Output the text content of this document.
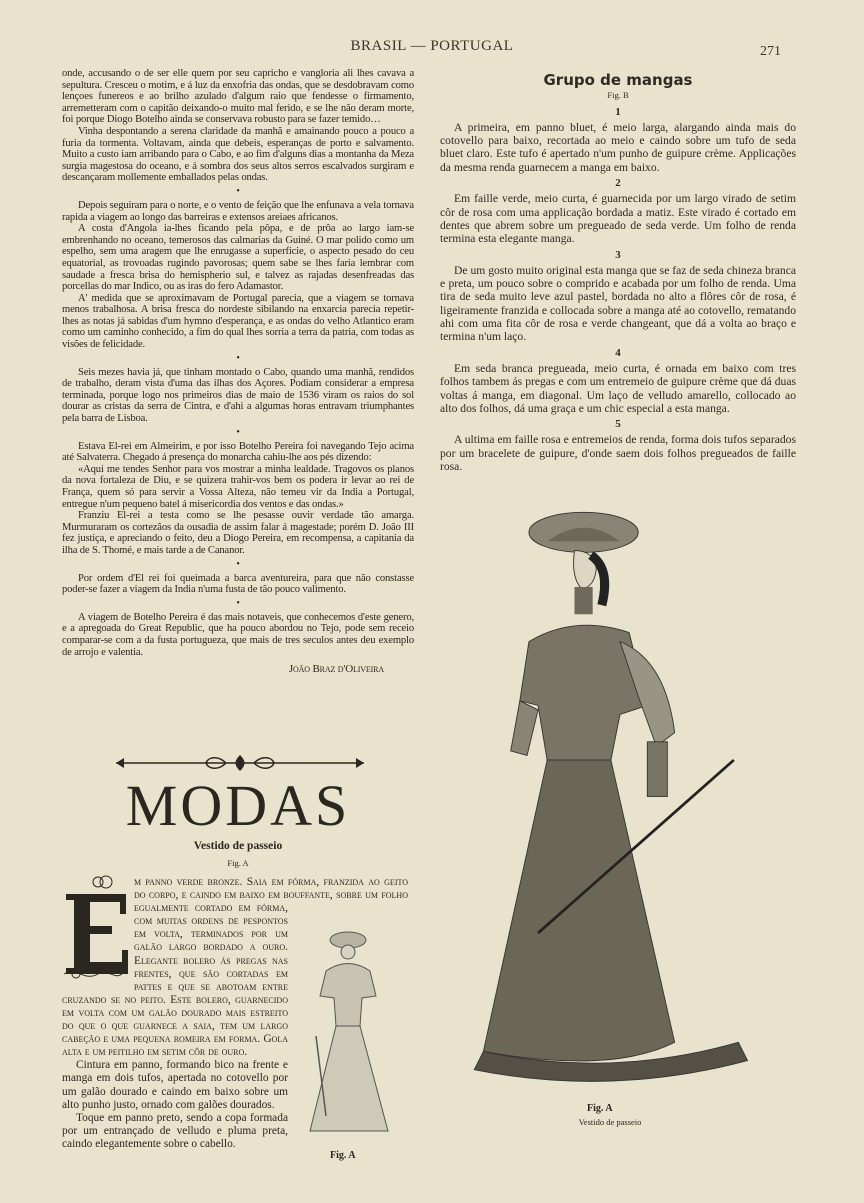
BRASIL — PORTUGAL	271

onde, accusando o de ser elle quem por seu capricho e vangloria ali lhes cavava a sepultura. Cresceu o motim, e á luz da enxofria das ondas, que se desdobravam como lençoes funereos e ao brilho azulado d'algum raio que fendesse o firmamento, arremetteram com o capitão deixando-o muito mal ferido, e se lhe não deram morte, foi porque Diogo Botelho ainda se conservava robusto para se fazer temido…

Vinha despontando a serena claridade da manhã e amainando pouco a pouco a furia da tormenta. Voltavam, ainda que debeis, esperanças de porto e salvamento. Muito a custo iam arribando para o Cabo, e ao fim d'alguns dias a montanha da Meza surgia magestosa do oceano, e á sombra dos seus altos serros escalvados surgiram e descançaram mollemente emballados pelas ondas.

•

Depois seguiram para o norte, e o vento de feição que lhe enfunava a vela tornava rapida a viagem ao longo das barreiras e extensos areiaes africanos.

A costa d'Angola ia-lhes ficando pela pôpa, e de prôa ao largo iam-se embrenhando no oceano, temerosos das calmarias da Guiné. O mar polido como um espelho, sem uma aragem que lhe enrugasse a superficie, o aspecto pesado do ceu equatorial, as trovoadas rugindo pavorosas; quem sabe se lhes faria lembrar com saudade a fresca brisa do hemispherio sul, e talvez as rajadas desenfreadas das porcellas do mar Indico, ou as iras do fero Adamastor.

A' medida que se aproximavam de Portugal parecia, que a viagem se tornava menos trabalhosa. A brisa fresca do nordeste sibilando na enxarcia parecia repetir-lhes as notas já sabidas d'um hymno d'esperança, e as ondas do velho Atlantico eram como um caminho conhecido, a fim do qual lhes sorria a terra da patria, com todas as visões de felicidade.

•

Seis mezes havia já, que tinham montado o Cabo, quando uma manhã, rendidos de trabalho, deram vista d'uma das ilhas dos Açores. Podiam considerar a empresa terminada, porque logo nos primeiros dias de maio de 1536 viram os raios do sol dourar as cristas da serra de Cintra, e d'ahi a algumas horas entravam triumphantes pela barra de Lisboa.

•

Estava El-rei em Almeirim, e por isso Botelho Pereira foi navegando Tejo acima até Salvaterra. Chegado á presença do monarcha cahiu-lhe aos pés dizendo:

«Aqui me tendes Senhor para vos mostrar a minha lealdade. Tragovos os planos da nova fortaleza de Diu, e se quizera trahir-vos bem os podera ir levar ao rei de França, quem só para servir a Vossa Alteza, não temeu vir da India a Portugal, entregue n'um pequeno batel á misericordia dos ventos e das ondas.»

Franziu El-rei a testa como se lhe pesasse ouvir verdade tão amarga. Murmuraram os cortezãos da ousadia de assim falar á magestade; porém D. João III fez justiça, e apreciando o feito, deu a Diogo Pereira, em recompensa, a capitania da ilha de S. Thomé, e mais tarde a de Cananor.

•

Por ordem d'El rei foi queimada a barca aventureira, para que não constasse poder-se fazer a viagem da India n'uma fusta de tão pouco valimento.

•

A viagem de Botelho Pereira é das mais notaveis, que conhecemos d'este genero, e a apregoada do Great Republic, que ha pouco abordou no Tejo, pode sem receio comparar-se com a da fusta portugueza, que mais de tres seculos antes deu exemplo de arrojo e valentia.

João Braz d'Oliveira
MODAS
Vestido de passeio
Fig. A

m panno verde bronze. Saia em fórma, franzida ao geito do corpo, e caindo em baixo em bouffante, sobre um folho egualmente cortado em fórma, com muitas ordens de pespontos em volta, terminados por um galão largo bordado a ouro. Elegante bolero ás pregas nas frentes, que são cortadas em pattes e que se abotoam entre cruzando se no peito. Este bolero, guarnecido em volta com um galão dourado mais estreito do que o que guarnece a saia, tem um largo cabeção e uma pequena romeira em forma. Gola alta e um peitilho em setim côr de ouro.

Cintura em panno, formando bico na frente e manga em dois tufos, apertada no cotovello por um galão dourado e caindo em baixo sobre um alto punho justo, ornado com galões dourados.

Toque em panno preto, sendo a copa formada por um entrançado de velludo e pluma preta, caindo elegantemente sobre o cabello.

Fig. A
Grupo de mangas
Fig. B
1

A primeira, em panno bluet, é meio larga, alargando ainda mais do cotovello para baixo, recortada ao meio e caindo sobre um tufo de seda bluet claro. Este tufo é apertado n'um punho de guipure crème. Applicações da mesma renda guarnecem a manga em baixo.

2

Em faille verde, meio curta, é guarnecida por um largo virado de setim côr de rosa com uma applicação bordada a matiz. Este virado é cortado em dentes que abrem sobre um pregueado de seda verde. Um folho de renda termina esta elegante manga.

3

De um gosto muito original esta manga que se faz de seda chineza branca e preta, um pouco sobre o comprido e acabada por um folho de renda. Uma tira de seda muito leve azul pastel, bordada no alto a flôres côr de rosa, é ligeiramente franzida e collocada sobre a manga até ao cotovello, rematando ahi com uma fita côr de rosa e verde changeant, que dá a volta ao braço e termina n'um laço.

4

Em seda branca pregueada, meio curta, é ornada em baixo com tres folhos tambem ás pregas e com um entremeio de guipure crème que dá duas voltas á manga, em diagonal. Um laço de velludo amarello, collocado ao alto dos folhos, dá uma graça e um chic especial a esta manga.

5

A ultima em faille rosa e entremeios de renda, forma dois tufos separados por um bracelete de guipure, d'onde saem dois folhos pregueados de faille rosa.

Fig. A
Vestido de passeio
